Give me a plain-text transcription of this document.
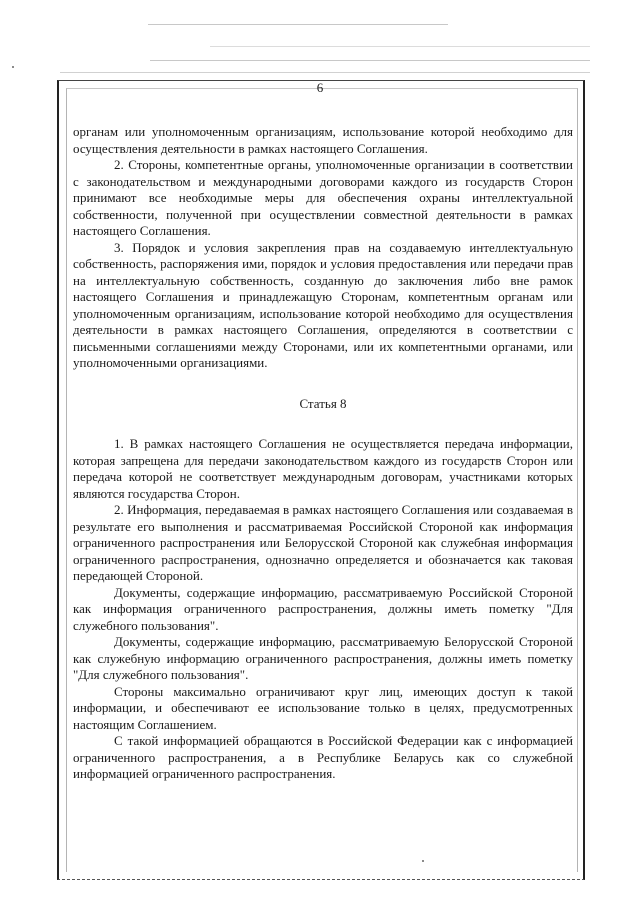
6

органам или уполномоченным организациям, использование которой необходимо для осуществления деятельности в рамках настоящего Соглашения.

2. Стороны, компетентные органы, уполномоченные организации в соответствии с законодательством и международными договорами каждого из государств Сторон принимают все необходимые меры для обеспечения охраны интеллектуальной собственности, полученной при осуществлении совместной деятельности в рамках настоящего Соглашения.

3. Порядок и условия закрепления прав на создаваемую интеллектуальную собственность, распоряжения ими, порядок и условия предоставления или передачи прав на интеллектуальную собственность, созданную до заключения либо вне рамок настоящего Соглашения и принадлежащую Сторонам, компетентным органам или уполномоченным организациям, использование которой необходимо для осуществления деятельности в рамках настоящего Соглашения, определяются в соответствии с письменными соглашениями между Сторонами, или их компетентными органами, или уполномоченными организациями.

Статья 8

1. В рамках настоящего Соглашения не осуществляется передача информации, которая запрещена для передачи законодательством каждого из государств Сторон или передача которой не соответствует международным договорам, участниками которых являются государства Сторон.

2. Информация, передаваемая в рамках настоящего Соглашения или создаваемая в результате его выполнения и рассматриваемая Российской Стороной как информация ограниченного распространения или Белорусской Стороной как служебная информация ограниченного распространения, однозначно определяется и обозначается как таковая передающей Стороной.

Документы, содержащие информацию, рассматриваемую Российской Стороной как информация ограниченного распространения, должны иметь пометку "Для служебного пользования".

Документы, содержащие информацию, рассматриваемую Белорусской Стороной как служебную информацию ограниченного распространения, должны иметь пометку "Для служебного пользования".

Стороны максимально ограничивают круг лиц, имеющих доступ к такой информации, и обеспечивают ее использование только в целях, предусмотренных настоящим Соглашением.

С такой информацией обращаются в Российской Федерации как с информацией ограниченного распространения, а в Республике Беларусь как со служебной информацией ограниченного распространения.
